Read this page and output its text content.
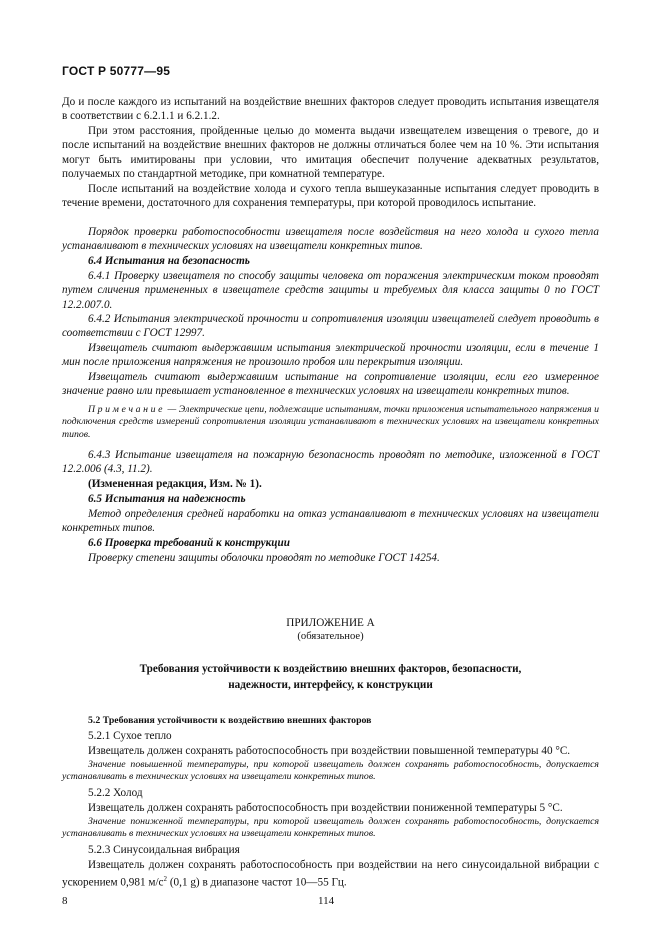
ГОСТ Р 50777—95
До и после каждого из испытаний на воздействие внешних факторов следует проводить испытания извещателя в соответствии с 6.2.1.1 и 6.2.1.2.
При этом расстояния, пройденные целью до момента выдачи извещателем извещения о тревоге, до и после испытаний на воздействие внешних факторов не должны отличаться более чем на 10 %. Эти испытания могут быть имитированы при условии, что имитация обеспечит получение адекватных результатов, получаемых по стандартной методике, при комнатной температуре.
После испытаний на воздействие холода и сухого тепла вышеуказанные испытания следует проводить в течение времени, достаточного для сохранения температуры, при которой проводилось испытание.
Порядок проверки работоспособности извещателя после воздействия на него холода и сухого тепла устанавливают в технических условиях на извещатели конкретных типов.
6.4 Испытания на безопасность
6.4.1 Проверку извещателя по способу защиты человека от поражения электрическим током проводят путем сличения примененных в извещателе средств защиты и требуемых для класса защиты 0 по ГОСТ 12.2.007.0.
6.4.2 Испытания электрической прочности и сопротивления изоляции извещателей следует проводить в соответствии с ГОСТ 12997.
Извещатель считают выдержавшим испытания электрической прочности изоляции, если в течение 1 мин после приложения напряжения не произошло пробоя или перекрытия изоляции.
Извещатель считают выдержавшим испытание на сопротивление изоляции, если его измеренное значение равно или превышает установленное в технических условиях на извещатели конкретных типов.
Примечание — Электрические цепи, подлежащие испытаниям, точки приложения испытательного напряжения и подключения средств измерений сопротивления изоляции устанавливают в технических условиях на извещатели конкретных типов.
6.4.3 Испытание извещателя на пожарную безопасность проводят по методике, изложенной в ГОСТ 12.2.006 (4.3, 11.2).
(Измененная редакция, Изм. № 1).
6.5 Испытания на надежность
Метод определения средней наработки на отказ устанавливают в технических условиях на извещатели конкретных типов.
6.6 Проверка требований к конструкции
Проверку степени защиты оболочки проводят по методике ГОСТ 14254.
ПРИЛОЖЕНИЕ А
(обязательное)
Требования устойчивости к воздействию внешних факторов, безопасности,
надежности, интерфейсу, к конструкции
5.2 Требования устойчивости к воздействию внешних факторов
5.2.1 Сухое тепло
Извещатель должен сохранять работоспособность при воздействии повышенной температуры 40 °С.
Значение повышенной температуры, при которой извещатель должен сохранять работоспособность, допускается устанавливать в технических условиях на извещатели конкретных типов.
5.2.2 Холод
Извещатель должен сохранять работоспособность при воздействии пониженной температуры 5 °С.
Значение пониженной температуры, при которой извещатель должен сохранять работоспособность, допускается устанавливать в технических условиях на извещатели конкретных типов.
5.2.3 Синусоидальная вибрация
Извещатель должен сохранять работоспособность при воздействии на него синусоидальной вибрации с ускорением 0,981 $м/с^2$ (0,1 g) в диапазоне частот 10—55 Гц.
8	114
